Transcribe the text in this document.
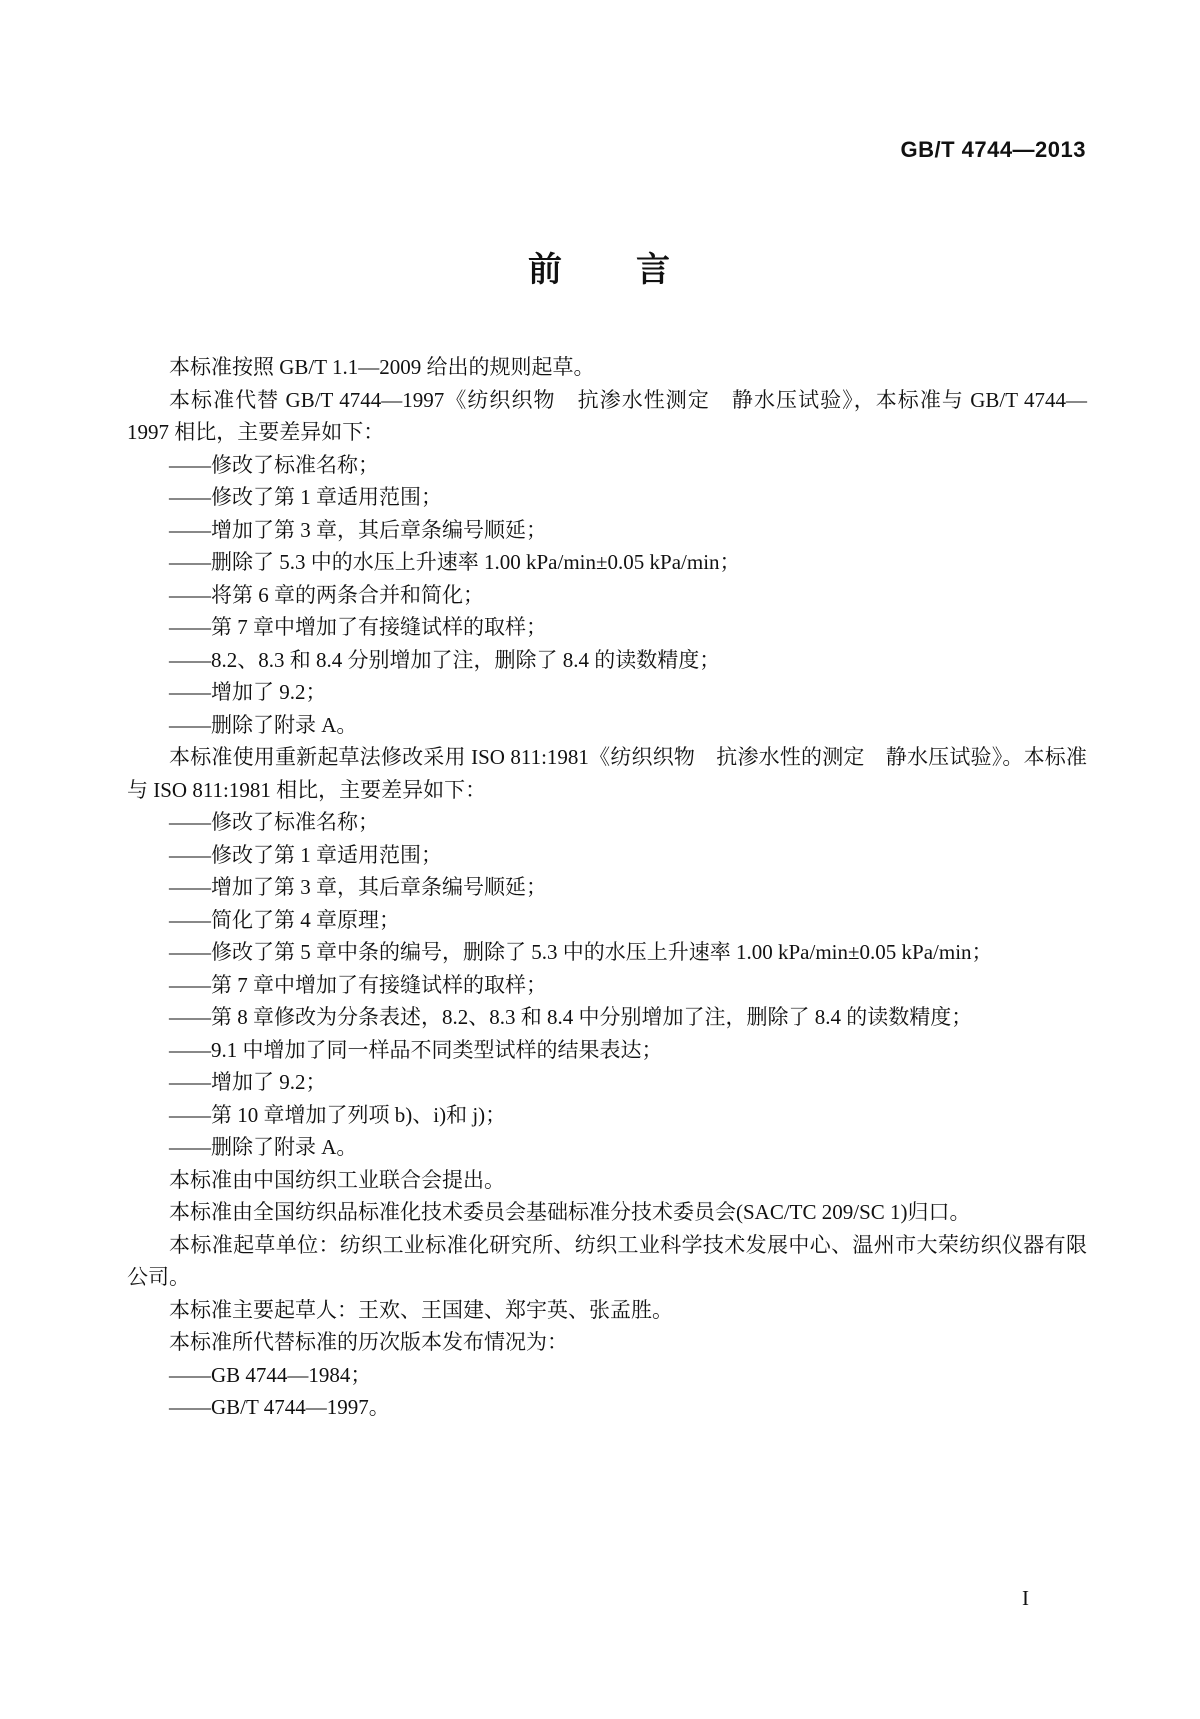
GB/T 4744—2013
前　　言

本标准按照 GB/T 1.1—2009 给出的规则起草。

本标准代替 GB/T 4744—1997《纺织织物　抗渗水性测定　静水压试验》，本标准与 GB/T 4744—1997 相比，主要差异如下：

——修改了标准名称；

——修改了第 1 章适用范围；

——增加了第 3 章，其后章条编号顺延；

——删除了 5.3 中的水压上升速率 1.00 kPa/min±0.05 kPa/min；

——将第 6 章的两条合并和简化；

——第 7 章中增加了有接缝试样的取样；

——8.2、8.3 和 8.4 分别增加了注，删除了 8.4 的读数精度；

——增加了 9.2；

——删除了附录 A。

本标准使用重新起草法修改采用 ISO 811:1981《纺织织物　抗渗水性的测定　静水压试验》。本标准与 ISO 811:1981 相比，主要差异如下：

——修改了标准名称；

——修改了第 1 章适用范围；

——增加了第 3 章，其后章条编号顺延；

——简化了第 4 章原理；

——修改了第 5 章中条的编号，删除了 5.3 中的水压上升速率 1.00 kPa/min±0.05 kPa/min；

——第 7 章中增加了有接缝试样的取样；

——第 8 章修改为分条表述，8.2、8.3 和 8.4 中分别增加了注，删除了 8.4 的读数精度；

——9.1 中增加了同一样品不同类型试样的结果表达；

——增加了 9.2；

——第 10 章增加了列项 b)、i)和 j)；

——删除了附录 A。

本标准由中国纺织工业联合会提出。

本标准由全国纺织品标准化技术委员会基础标准分技术委员会(SAC/TC 209/SC 1)归口。

本标准起草单位：纺织工业标准化研究所、纺织工业科学技术发展中心、温州市大荣纺织仪器有限公司。

本标准主要起草人：王欢、王国建、郑宇英、张孟胜。

本标准所代替标准的历次版本发布情况为：

——GB 4744—1984；

——GB/T 4744—1997。

I
